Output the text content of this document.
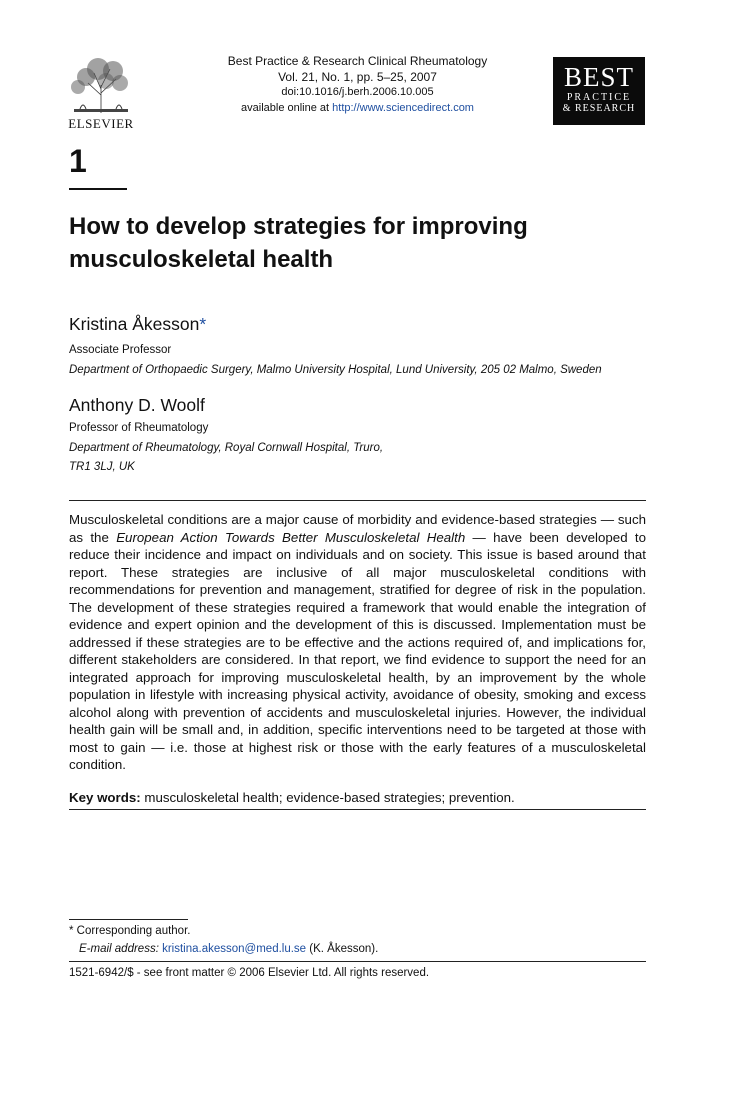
ELSEVIER
Best Practice & Research Clinical Rheumatology
Vol. 21, No. 1, pp. 5–25, 2007
doi:10.1016/j.berh.2006.10.005
available online at http://www.sciencedirect.com
BEST
PRACTICE
& RESEARCH
1
How to develop strategies for improving musculoskeletal health
Kristina Åkesson*
Associate Professor
Department of Orthopaedic Surgery, Malmo University Hospital, Lund University, 205 02 Malmo, Sweden
Anthony D. Woolf
Professor of Rheumatology
Department of Rheumatology, Royal Cornwall Hospital, Truro,
TR1 3LJ, UK

Musculoskeletal conditions are a major cause of morbidity and evidence-based strategies — such as the European Action Towards Better Musculoskeletal Health — have been developed to reduce their incidence and impact on individuals and on society. This issue is based around that report. These strategies are inclusive of all major musculoskeletal conditions with recommendations for prevention and management, stratified for degree of risk in the population. The development of these strategies required a framework that would enable the integration of evidence and expert opinion and the development of this is discussed. Implementation must be addressed if these strategies are to be effective and the actions required of, and implications for, different stakeholders are considered. In that report, we find evidence to support the need for an integrated approach for improving musculoskeletal health, by an improvement by the whole population in lifestyle with increasing physical activity, avoidance of obesity, smoking and excess alcohol along with prevention of accidents and musculoskeletal injuries. However, the individual health gain will be small and, in addition, specific interventions need to be targeted at those with most to gain — i.e. those at highest risk or those with the early features of a musculoskeletal condition.

Key words: musculoskeletal health; evidence-based strategies; prevention.
* Corresponding author.
E-mail address: kristina.akesson@med.lu.se (K. Åkesson).
1521-6942/$ - see front matter © 2006 Elsevier Ltd. All rights reserved.
